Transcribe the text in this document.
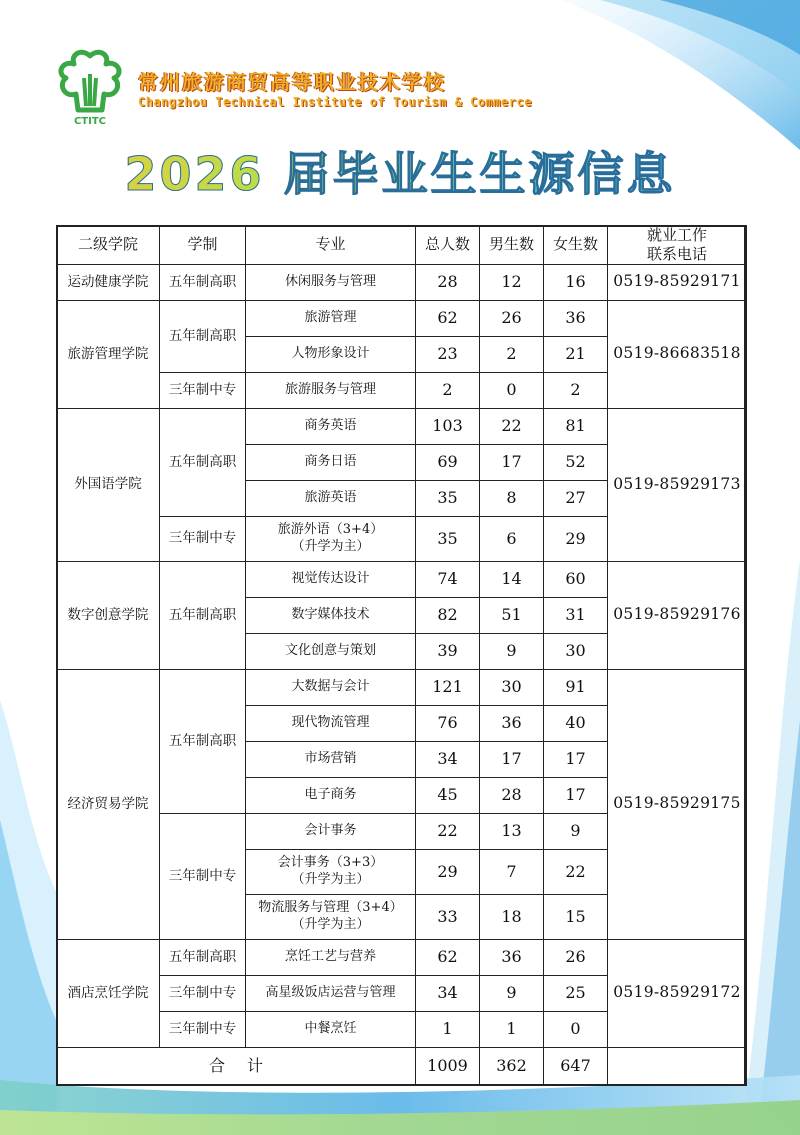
CTITC
常州旅游商贸高等职业技术学校
Changzhou Technical Institute of Tourism & Commerce
2026 届毕业生生源信息
二级学院	学制	专业	总人数	男生数	女生数	就业工作
联系电话

运动健康学院	五年制高职	休闲服务与管理	28	12	16	0519-85929171
旅游管理学院	五年制高职	旅游管理	62	26	36	0519-86683518
		人物形象设计	23	2	21	
	三年制中专	旅游服务与管理	2	0	2	
外国语学院	五年制高职	商务英语	103	22	81	0519-85929173
		商务日语	69	17	52	
		旅游英语	35	8	27	
	三年制中专	旅游外语（3+4）
（升学为主）	35	6	29	
数字创意学院	五年制高职	视觉传达设计	74	14	60	0519-85929176
		数字媒体技术	82	51	31	
		文化创意与策划	39	9	30	
经济贸易学院	五年制高职	大数据与会计	121	30	91	0519-85929175
		现代物流管理	76	36	40	
		市场营销	34	17	17	
		电子商务	45	28	17	
	三年制中专	会计事务	22	13	9	

		会计事务（3+3）
（升学为主）	29	7	22	

		物流服务与管理（3+4）
（升学为主）	33	18	15	
酒店烹饪学院	五年制高职	烹饪工艺与营养	62	36	26	0519-85929172
	三年制中专	高星级饭店运营与管理	34	9	25	
	三年制中专	中餐烹饪	1	1	0	
合计			1009	362	647	
